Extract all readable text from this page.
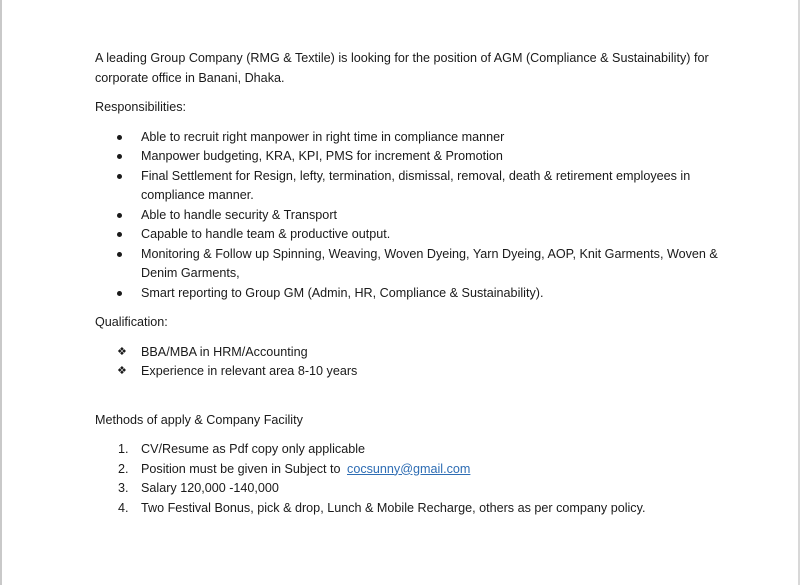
A leading Group Company (RMG & Textile) is looking for the position of AGM (Compliance & Sustainability) for corporate office in Banani, Dhaka.

Responsibilities:

Able to recruit right manpower in right time in compliance manner
Manpower budgeting, KRA, KPI, PMS for increment & Promotion
Final Settlement for Resign, lefty, termination, dismissal, removal, death & retirement employees in compliance manner.
Able to handle security & Transport
Capable to handle team & productive output.
Monitoring & Follow up Spinning, Weaving, Woven Dyeing, Yarn Dyeing, AOP, Knit Garments, Woven & Denim Garments,
Smart reporting to Group GM (Admin, HR, Compliance & Sustainability).

Qualification:

❖ BBA/MBA in HRM/Accounting
❖ Experience in relevant area 8-10 years

Methods of apply & Company Facility

1. CV/Resume as Pdf copy only applicable
2. Position must be given in Subject to cocsunny@gmail.com
3. Salary 120,000 -140,000
4. Two Festival Bonus, pick & drop, Lunch & Mobile Recharge, others as per company policy.
